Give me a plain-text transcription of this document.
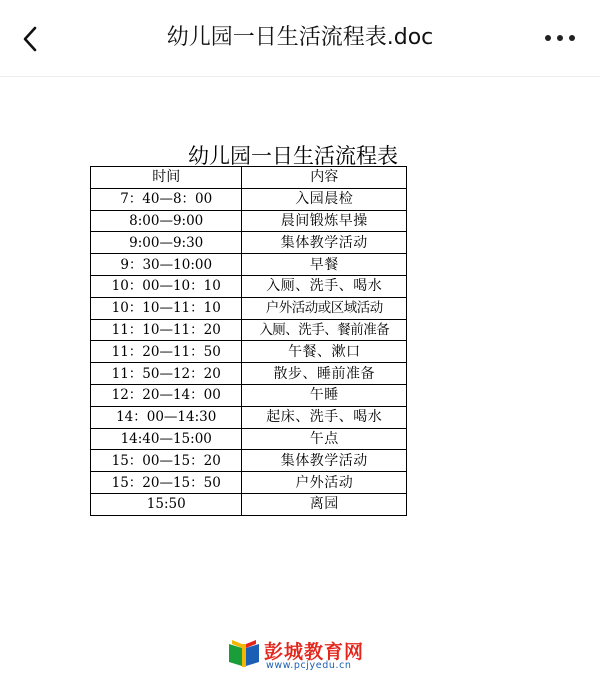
幼儿园一日生活流程表.doc
幼儿园一日生活流程表
时间	内容
7：40—8：00	入园晨检
8:00—9:00	晨间锻炼早操
9:00—9:30	集体教学活动
9：30—10:00	早餐
10：00—10：10	入厕、洗手、喝水
10：10—11：10	户外活动或区域活动
11：10—11：20	入厕、洗手、餐前准备
11：20—11：50	午餐、漱口
11：50—12：20	散步、睡前准备
12：20—14：00	午睡
14：00—14:30	起床、洗手、喝水
14:40—15:00	午点
15：00—15：20	集体教学活动
15：20—15：50	户外活动
15:50	离园
彭城教育网
www.pcjyedu.cn
